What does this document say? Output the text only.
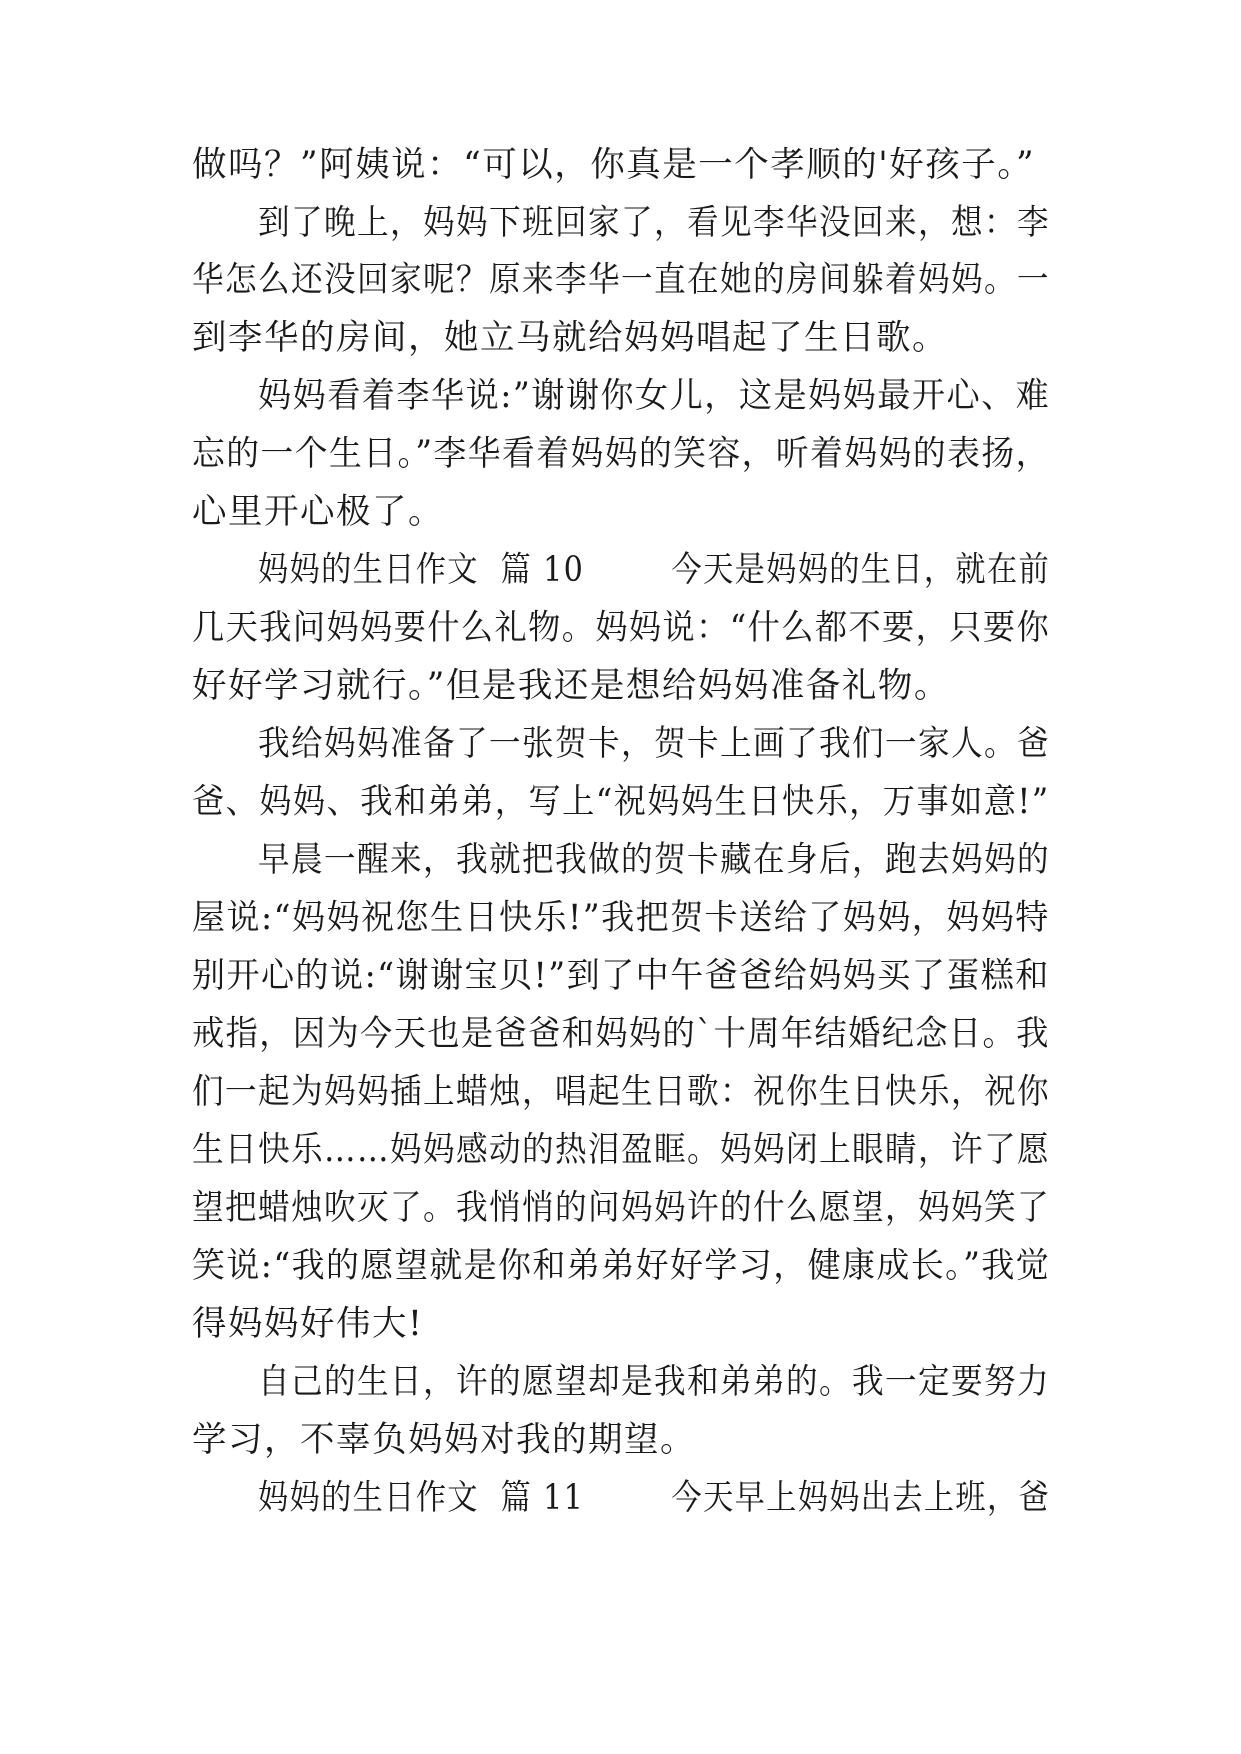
做吗？”阿姨说：“可以，你真是一个孝顺的'好孩子。”
到了晚上，妈妈下班回家了，看见李华没回来，想：李
华怎么还没回家呢？原来李华一直在她的房间躲着妈妈。一
到李华的房间，她立马就给妈妈唱起了生日歌。
妈妈看着李华说:”谢谢你女儿，这是妈妈最开心、难
忘的一个生日。”李华看着妈妈的笑容，听着妈妈的表扬，
心里开心极了。
妈妈的生日作文  篇 10        今天是妈妈的生日，就在前
几天我问妈妈要什么礼物。妈妈说：“什么都不要，只要你
好好学习就行。”但是我还是想给妈妈准备礼物。
我给妈妈准备了一张贺卡，贺卡上画了我们一家人。爸
爸、妈妈、我和弟弟，写上“祝妈妈生日快乐，万事如意!”
早晨一醒来，我就把我做的贺卡藏在身后，跑去妈妈的
屋说:“妈妈祝您生日快乐!”我把贺卡送给了妈妈，妈妈特
别开心的说:“谢谢宝贝!”到了中午爸爸给妈妈买了蛋糕和
戒指，因为今天也是爸爸和妈妈的`十周年结婚纪念日。我
们一起为妈妈插上蜡烛，唱起生日歌：祝你生日快乐，祝你
生日快乐……妈妈感动的热泪盈眶。妈妈闭上眼睛，许了愿
望把蜡烛吹灭了。我悄悄的问妈妈许的什么愿望，妈妈笑了
笑说:“我的愿望就是你和弟弟好好学习，健康成长。”我觉
得妈妈好伟大!
自己的生日，许的愿望却是我和弟弟的。我一定要努力
学习，不辜负妈妈对我的期望。
妈妈的生日作文  篇 11        今天早上妈妈出去上班，爸
